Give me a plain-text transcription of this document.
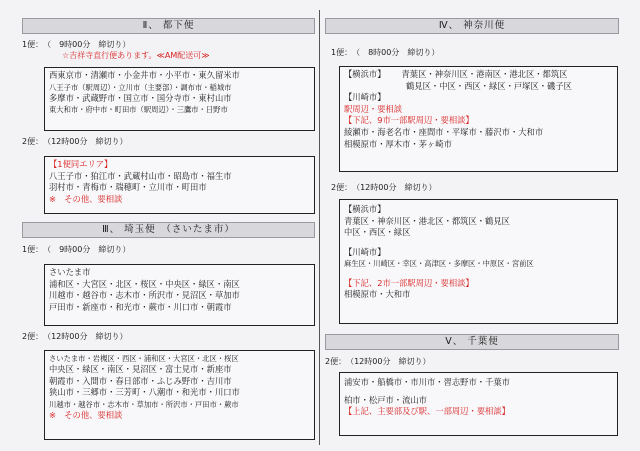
Ⅱ、 都下便
1便：　（　9時00分　締切り）
☆吉祥寺直行便あります。≪AM配送可≫
西東京市・清瀬市・小金井市・小平市・東久留米市
八王子市（駅周辺）・立川市（主要部）・調布市・稲城市
多摩市・武蔵野市・国立市・国分寺市・東村山市
東大和市・府中市・町田市（駅周辺）・三鷹市・日野市
2便：　（12時00分　締切り）
【1便同エリア】
八王子市・狛江市・武蔵村山市・昭島市・福生市
羽村市・青梅市・瑞穂町・立川市・町田市
※　その他、要相談
Ⅲ、 埼玉便　（さいたま市）
1便：　（　9時00分　締切り）
さいたま市
浦和区・大宮区・北区・桜区・中央区・緑区・南区
川越市・越谷市・志木市・所沢市・見沼区・草加市
戸田市・新座市・和光市・蕨市・川口市・朝霞市
2便：　（12時00分　締切り）
さいたま市・岩槻区・西区・浦和区・大宮区・北区・桜区
中央区・緑区・南区・見沼区・富士見市・新座市
朝霞市・入間市・春日部市・ふじみ野市・吉川市
狭山市・三郷市・三芳町・八潮市・和光市・川口市
川越市・越谷市・志木市・草加市・所沢市・戸田市・蕨市
※　その他、要相談
Ⅳ、 神奈川便
1便：　（　8時00分　締切り）
【横浜市】 青葉区・神奈川区・港南区・港北区・都筑区
鶴見区・中区・西区・緑区・戸塚区・磯子区
【川崎市】
駅周辺・要相談
【下記、9市一部駅周辺・要相談】
綾瀬市・海老名市・座間市・平塚市・藤沢市・大和市
相模原市・厚木市・茅ヶ崎市
2便：　（12時00分　締切り）
【横浜市】
青葉区・神奈川区・港北区・都筑区・鶴見区
中区・西区・緑区
【川崎市】
麻生区・川崎区・幸区・高津区・多摩区・中原区・宮前区
【下記、2市一部駅周辺・要相談】
相模原市・大和市
Ⅴ、 千葉便
2便：　（12時00分　締切り）
浦安市・船橋市・市川市・習志野市・千葉市
柏市・松戸市・流山市
【上記、主要部及び駅、一部周辺・要相談】
